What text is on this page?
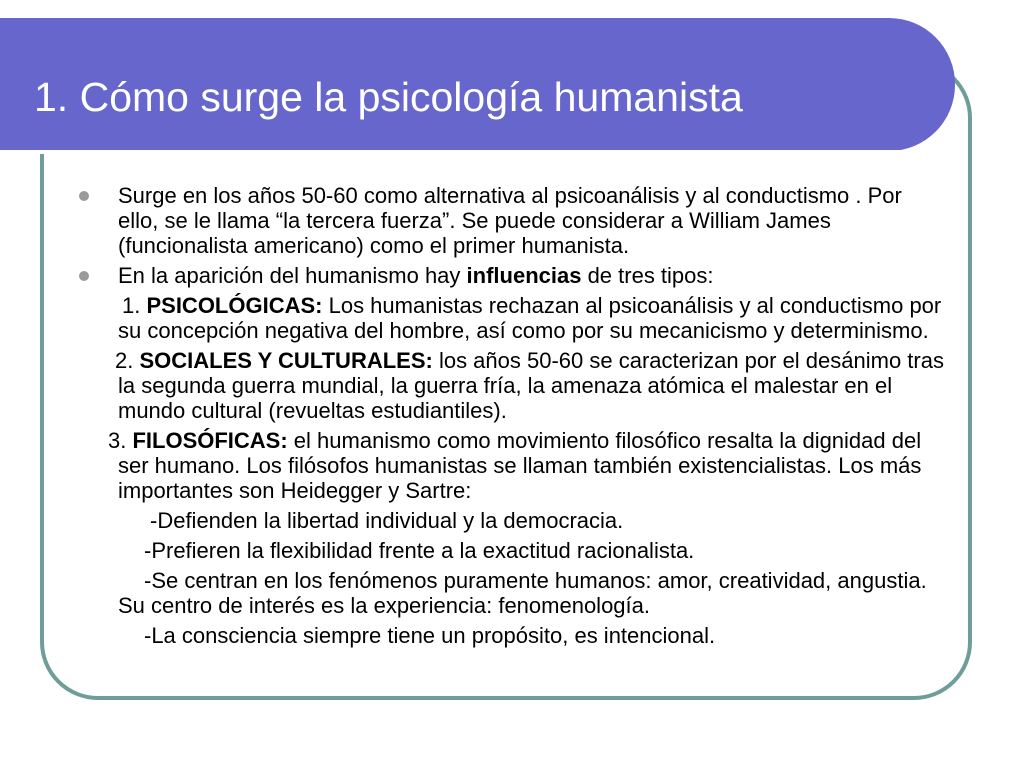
1. Cómo surge la psicología humanista

Surge en los años 50-60 como alternativa al psicoanálisis y al conductismo . Por ello, se le llama “la tercera fuerza”. Se puede considerar a William James (funcionalista americano) como el primer humanista.

En la aparición del humanismo hay influencias de tres tipos:

1. PSICOLÓGICAS: Los humanistas rechazan al psicoanálisis y al conductismo por su concepción negativa del hombre, así como por su mecanicismo y determinismo.

2. SOCIALES Y CULTURALES: los años 50-60 se caracterizan por el desánimo tras la segunda guerra mundial, la guerra fría, la amenaza atómica el malestar en el mundo cultural (revueltas estudiantiles).

3. FILOSÓFICAS: el humanismo como movimiento filosófico resalta la dignidad del ser humano. Los filósofos humanistas se llaman también existencialistas. Los más importantes son Heidegger y Sartre:

-Defienden la libertad individual y la democracia.

-Prefieren la flexibilidad frente a la exactitud racionalista.

-Se centran en los fenómenos puramente humanos: amor, creatividad, angustia. Su centro de interés es la experiencia: fenomenología.

-La consciencia siempre tiene un propósito, es intencional.
